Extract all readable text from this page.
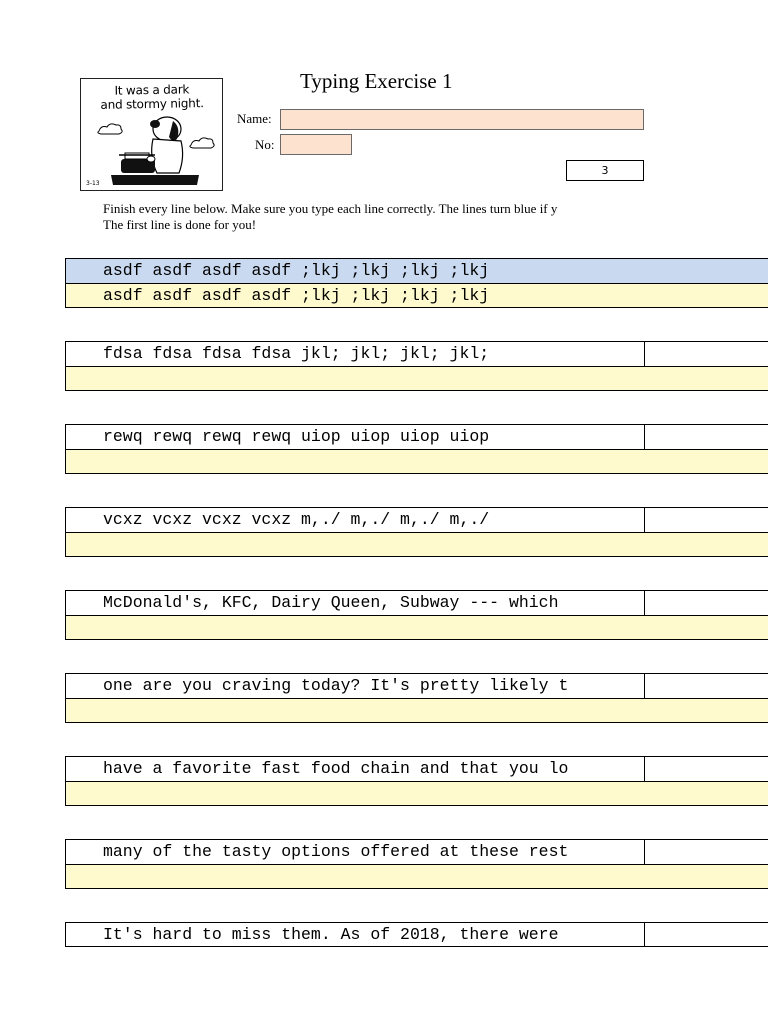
It was a dark
and stormy night.
3-13
Typing Exercise 1
Name:
No:
3
Finish every line below. Make sure you type each line correctly. The lines turn blue if y
The first line is done for you!
asdf asdf asdf asdf ;lkj ;lkj ;lkj ;lkj
asdf asdf asdf asdf ;lkj ;lkj ;lkj ;lkj
fdsa fdsa fdsa fdsa jkl; jkl; jkl; jkl;
rewq rewq rewq rewq uiop uiop uiop uiop
vcxz vcxz vcxz vcxz m,./ m,./ m,./ m,./
McDonald's, KFC, Dairy Queen, Subway --- which
one are you craving today? It's pretty likely t
have a favorite fast food chain and that you lo
many of the tasty options offered at these rest
It's hard to miss them. As of 2018, there were
